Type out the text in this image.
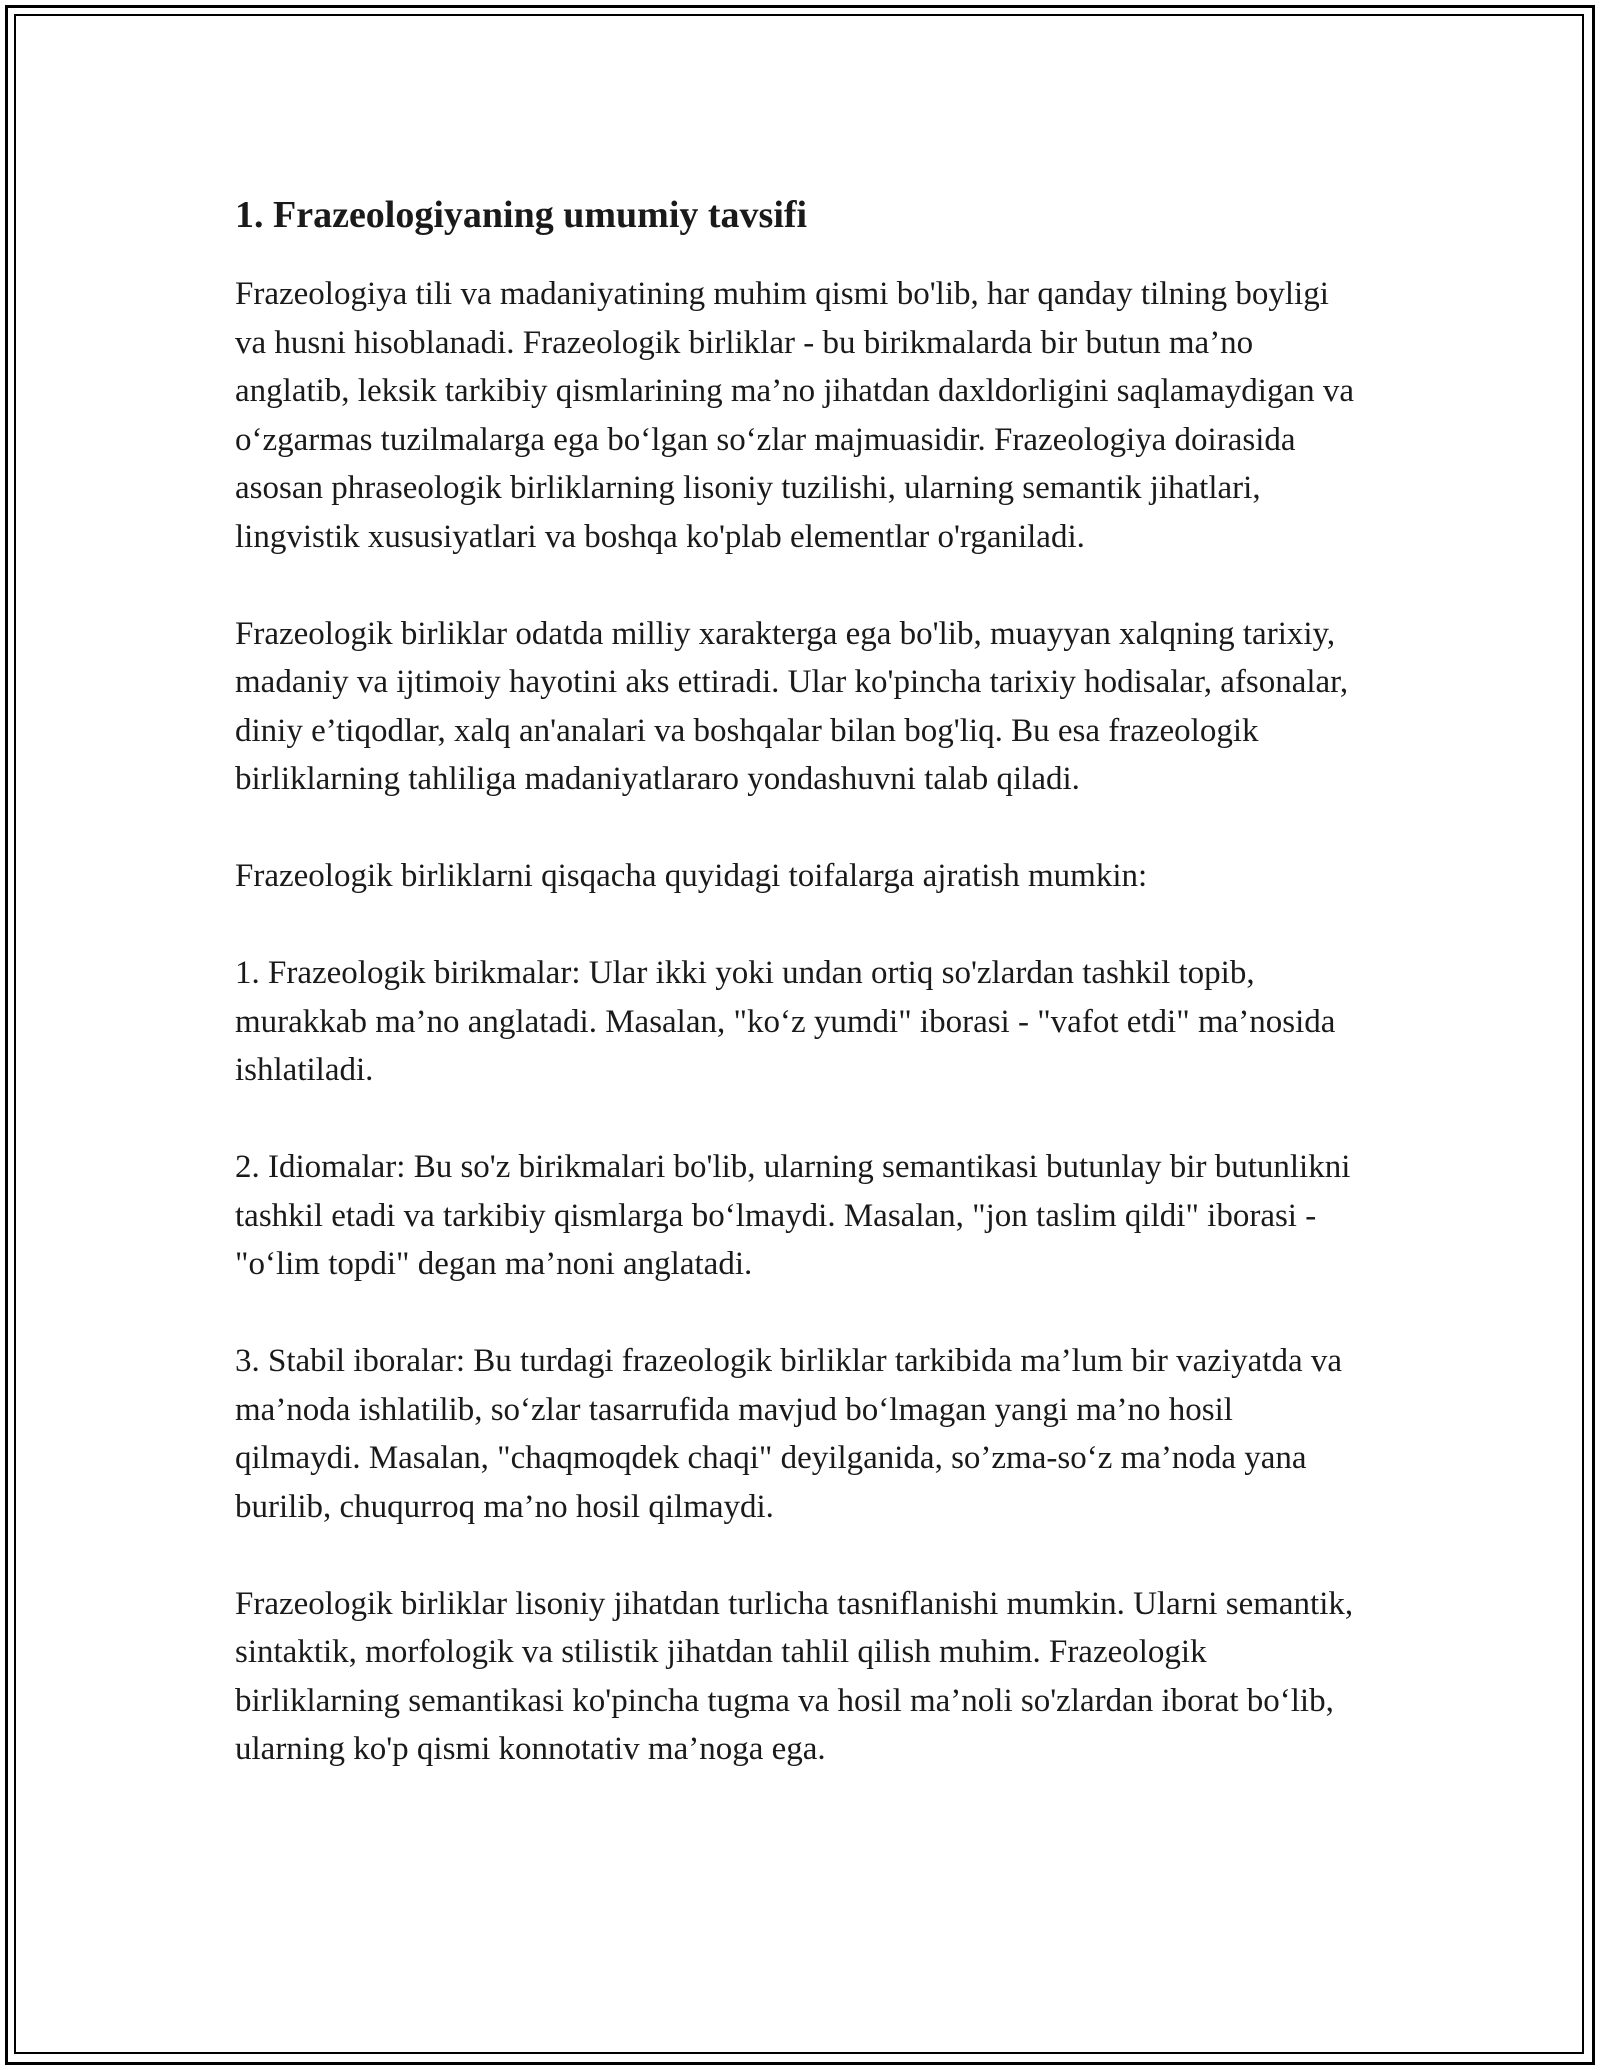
1. Frazeologiyaning umumiy tavsifi

Frazeologiya tili va madaniyatining muhim qismi bo'lib, har qanday tilning boyligi va husni hisoblanadi. Frazeologik birliklar - bu birikmalarda bir butun ma’no anglatib, leksik tarkibiy qismlarining ma’no jihatdan daxldorligini saqlamaydigan va o‘zgarmas tuzilmalarga ega bo‘lgan so‘zlar majmuasidir. Frazeologiya doirasida asosan phraseologik birliklarning lisoniy tuzilishi, ularning semantik jihatlari, lingvistik xususiyatlari va boshqa ko'plab elementlar o'rganiladi.

Frazeologik birliklar odatda milliy xarakterga ega bo'lib, muayyan xalqning tarixiy, madaniy va ijtimoiy hayotini aks ettiradi. Ular ko'pincha tarixiy hodisalar, afsonalar, diniy e’tiqodlar, xalq an'analari va boshqalar bilan bog'liq. Bu esa frazeologik birliklarning tahliliga madaniyatlararo yondashuvni talab qiladi.

Frazeologik birliklarni qisqacha quyidagi toifalarga ajratish mumkin:

1. Frazeologik birikmalar: Ular ikki yoki undan ortiq so'zlardan tashkil topib, murakkab ma’no anglatadi. Masalan, "ko‘z yumdi" iborasi - "vafot etdi" ma’nosida ishlatiladi.

2. Idiomalar: Bu so'z birikmalari bo'lib, ularning semantikasi butunlay bir butunlikni tashkil etadi va tarkibiy qismlarga bo‘lmaydi. Masalan, "jon taslim qildi" iborasi - "o‘lim topdi" degan ma’noni anglatadi.

3. Stabil iboralar: Bu turdagi frazeologik birliklar tarkibida ma’lum bir vaziyatda va ma’noda ishlatilib, so‘zlar tasarrufida mavjud bo‘lmagan yangi ma’no hosil qilmaydi. Masalan, "chaqmoqdek chaqi" deyilganida, so’zma-so‘z ma’noda yana burilib, chuqurroq ma’no hosil qilmaydi.

Frazeologik birliklar lisoniy jihatdan turlicha tasniflanishi mumkin. Ularni semantik, sintaktik, morfologik va stilistik jihatdan tahlil qilish muhim. Frazeologik birliklarning semantikasi ko'pincha tugma va hosil ma’noli so'zlardan iborat bo‘lib, ularning ko'p qismi konnotativ ma’noga ega.
